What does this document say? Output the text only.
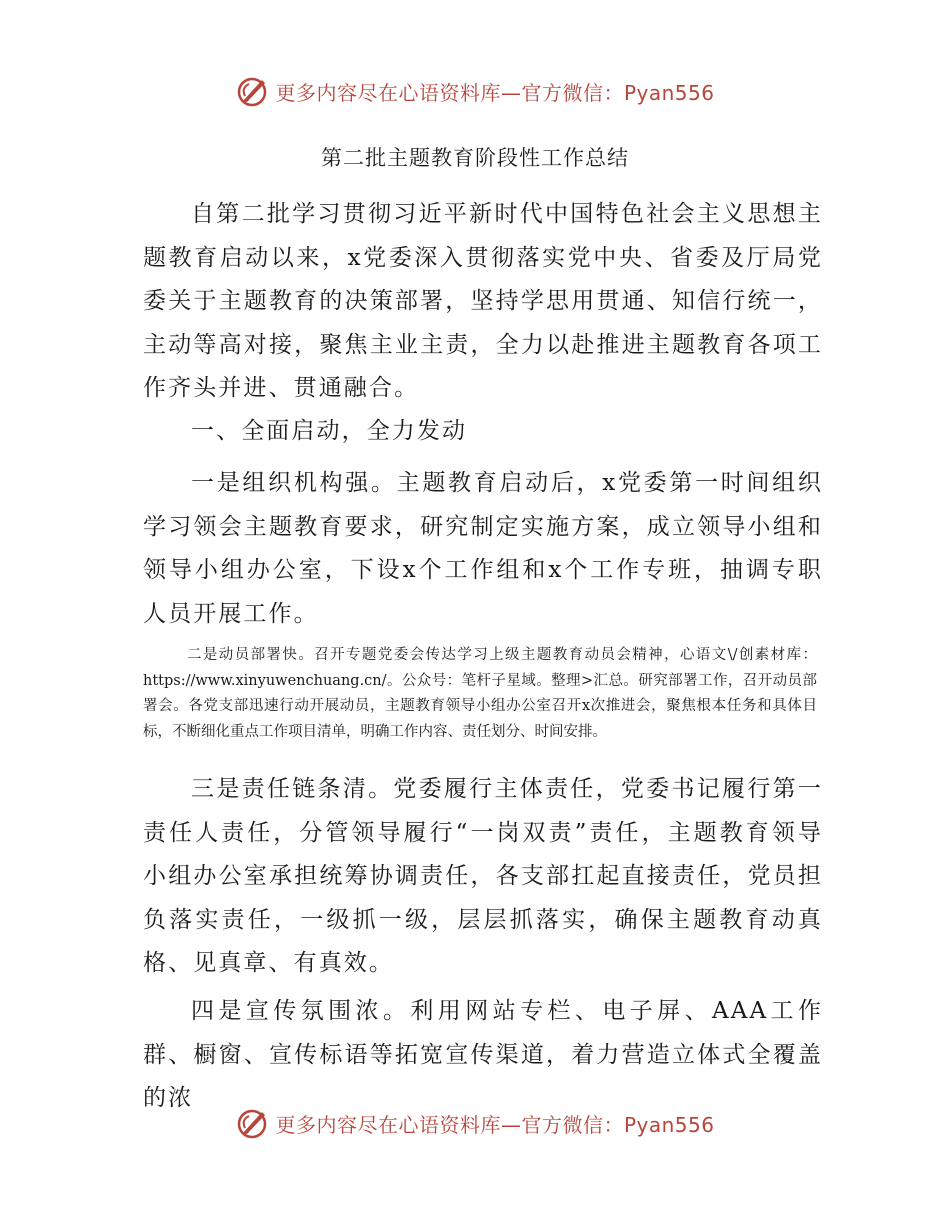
更多内容尽在心语资料库—官方微信：Pyan556
第二批主题教育阶段性工作总结
自第二批学习贯彻习近平新时代中国特色社会主义思想主题教育启动以来，x党委深入贯彻落实党中央、省委及厅局党委关于主题教育的决策部署，坚持学思用贯通、知信行统一，主动等高对接，聚焦主业主责，全力以赴推进主题教育各项工作齐头并进、贯通融合。
一、全面启动，全力发动
一是组织机构强。主题教育启动后，x党委第一时间组织学习领会主题教育要求，研究制定实施方案，成立领导小组和领导小组办公室，下设x个工作组和x个工作专班，抽调专职人员开展工作。
二是动员部署快。召开专题党委会传达学习上级主题教育动员会精神，心语文\/创素材库：https://www.xinyuwenchuang.cn/。公众号：笔杆子星域。整理>汇总。研究部署工作，召开动员部署会。各党支部迅速行动开展动员，主题教育领导小组办公室召开x次推进会，聚焦根本任务和具体目标，不断细化重点工作项目清单，明确工作内容、责任划分、时间安排。
三是责任链条清。党委履行主体责任，党委书记履行第一责任人责任，分管领导履行“一岗双责”责任，主题教育领导小组办公室承担统筹协调责任，各支部扛起直接责任，党员担负落实责任，一级抓一级，层层抓落实，确保主题教育动真格、见真章、有真效。
四是宣传氛围浓。利用网站专栏、电子屏、AAA工作群、橱窗、宣传标语等拓宽宣传渠道，着力营造立体式全覆盖的浓
更多内容尽在心语资料库—官方微信：Pyan556
